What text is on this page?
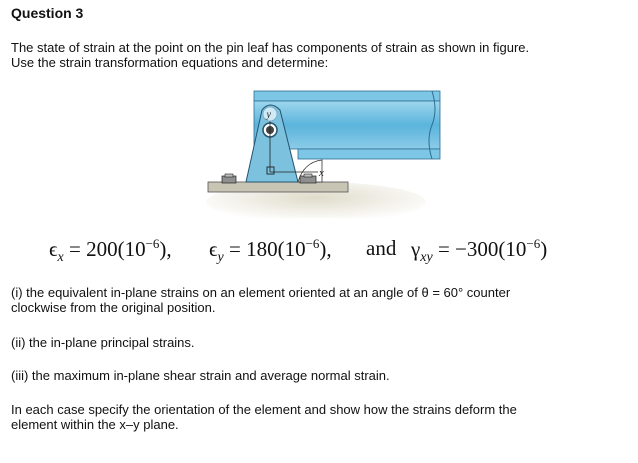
Question 3

The state of strain at the point on the pin leaf has components of strain as shown in figure.
Use the strain transformation equations and determine:
y
x
$\epsilon_x = 200(10^{-6})$, $\epsilon_y = 180(10^{-6})$, and $\gamma_{xy} = -300(10^{-6})$
(i) the equivalent in-plane strains on an element oriented at an angle of θ = 60° counter
clockwise from the original position.
(ii) the in-plane principal strains.
(iii) the maximum in-plane shear strain and average normal strain.
In each case specify the orientation of the element and show how the strains deform the
element within the x–y plane.
